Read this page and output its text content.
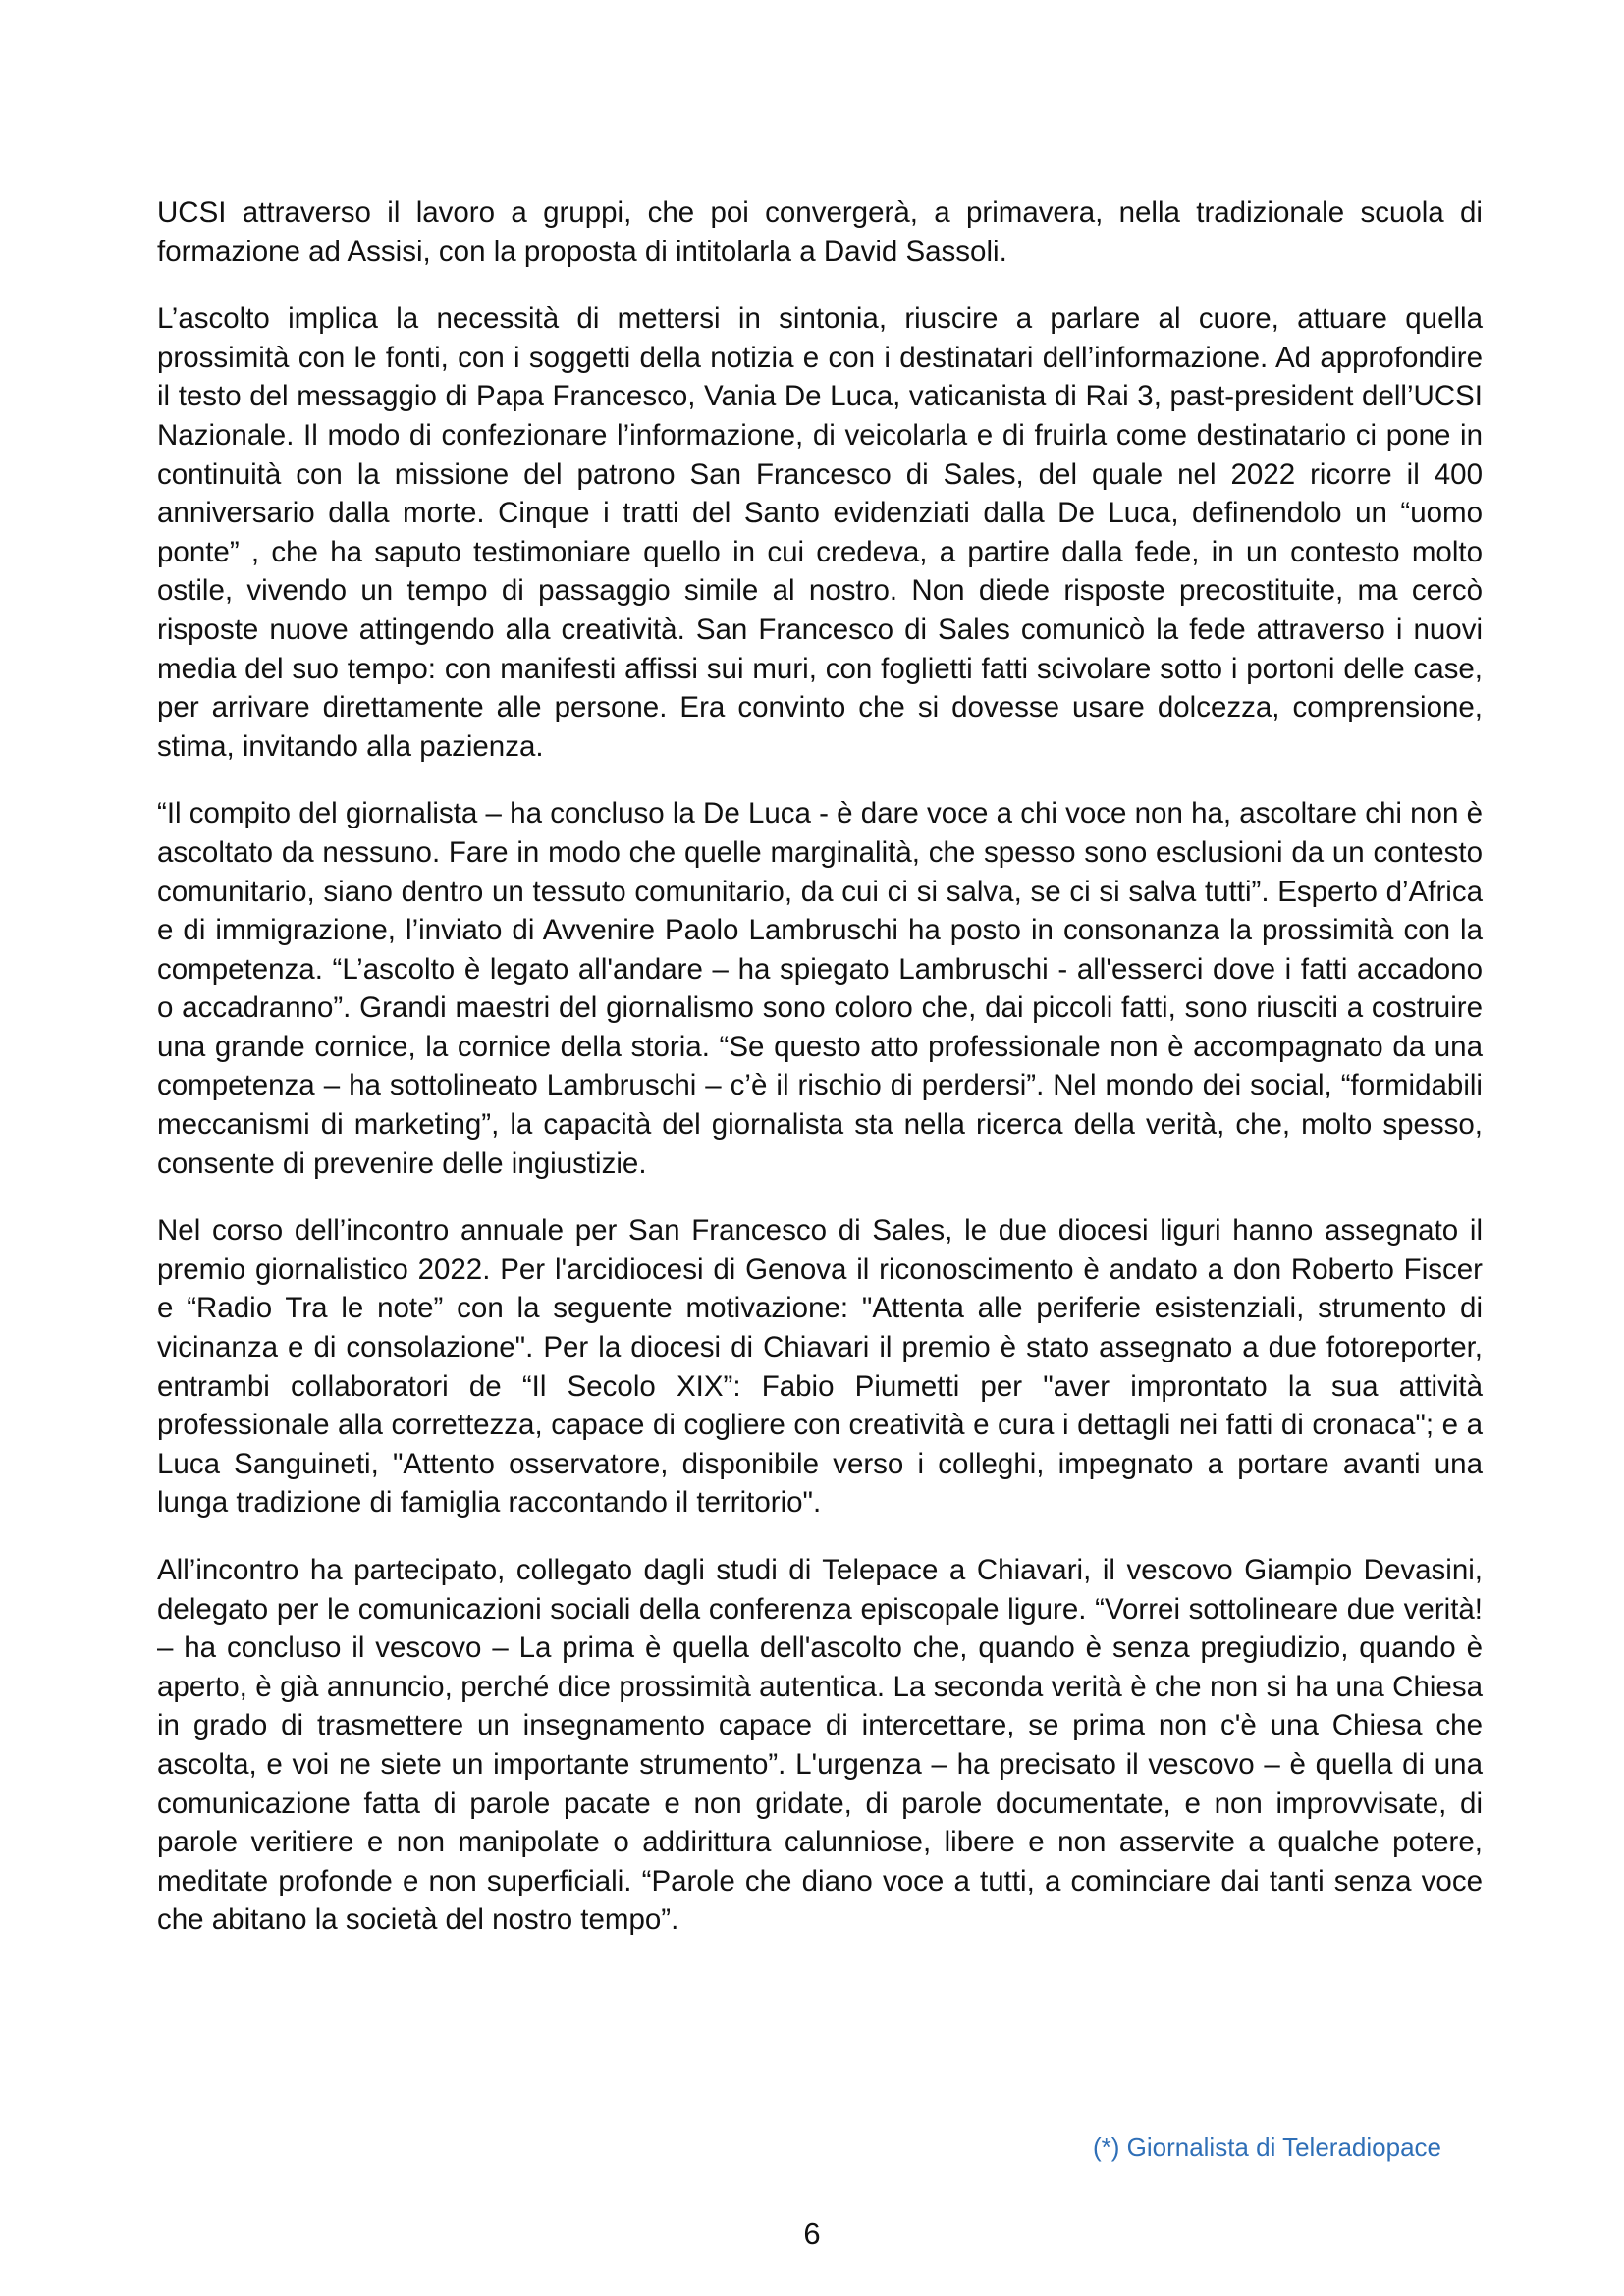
UCSI attraverso il lavoro a gruppi, che poi convergerà, a primavera, nella tradizionale scuola di formazione ad Assisi, con la proposta di intitolarla a David Sassoli.

L’ascolto implica la necessità di mettersi in sintonia, riuscire a parlare al cuore, attuare quella prossimità con le fonti, con i soggetti della notizia e con i destinatari dell’informazione. Ad approfondire il testo del messaggio di Papa Francesco, Vania De Luca, vaticanista di Rai 3, past-president dell’UCSI Nazionale. Il modo di confezionare l’informazione, di veicolarla e di fruirla come destinatario ci pone in continuità con la missione del patrono San Francesco di Sales, del quale nel 2022 ricorre il 400 anniversario dalla morte. Cinque i tratti del Santo evidenziati dalla De Luca, definendolo un “uomo ponte” , che ha saputo testimoniare quello in cui credeva, a partire dalla fede, in un contesto molto ostile, vivendo un tempo di passaggio simile al nostro. Non diede risposte precostituite, ma cercò risposte nuove attingendo alla creatività. San Francesco di Sales comunicò la fede attraverso i nuovi media del suo tempo: con manifesti affissi sui muri, con foglietti fatti scivolare sotto i portoni delle case, per arrivare direttamente alle persone. Era convinto che si dovesse usare dolcezza, comprensione, stima, invitando alla pazienza.

“Il compito del giornalista – ha concluso la De Luca - è dare voce a chi voce non ha, ascoltare chi non è ascoltato da nessuno. Fare in modo che quelle marginalità, che spesso sono esclusioni da un contesto comunitario, siano dentro un tessuto comunitario, da cui ci si salva, se ci si salva tutti”. Esperto d’Africa e di immigrazione, l’inviato di Avvenire Paolo Lambruschi ha posto in consonanza la prossimità con la competenza. “L’ascolto è legato all'andare – ha spiegato Lambruschi - all'esserci dove i fatti accadono o accadranno”. Grandi maestri del giornalismo sono coloro che, dai piccoli fatti, sono riusciti a costruire una grande cornice, la cornice della storia. “Se questo atto professionale non è accompagnato da una competenza – ha sottolineato Lambruschi – c’è il rischio di perdersi”. Nel mondo dei social, “formidabili meccanismi di marketing”, la capacità del giornalista sta nella ricerca della verità, che, molto spesso, consente di prevenire delle ingiustizie.

Nel corso dell’incontro annuale per San Francesco di Sales, le due diocesi liguri hanno assegnato il premio giornalistico 2022. Per l'arcidiocesi di Genova il riconoscimento è andato a don Roberto Fiscer e “Radio Tra le note” con la seguente motivazione: "Attenta alle periferie esistenziali, strumento di vicinanza e di consolazione". Per la diocesi di Chiavari il premio è stato assegnato a due fotoreporter, entrambi collaboratori de “Il Secolo XIX”: Fabio Piumetti per "aver improntato la sua attività professionale alla correttezza, capace di cogliere con creatività e cura i dettagli nei fatti di cronaca"; e a Luca Sanguineti, "Attento osservatore, disponibile verso i colleghi, impegnato a portare avanti una lunga tradizione di famiglia raccontando il territorio".

All’incontro ha partecipato, collegato dagli studi di Telepace a Chiavari, il vescovo Giampio Devasini, delegato per le comunicazioni sociali della conferenza episcopale ligure. “Vorrei sottolineare due verità! – ha concluso il vescovo – La prima è quella dell'ascolto che, quando è senza pregiudizio, quando è aperto, è già annuncio, perché dice prossimità autentica. La seconda verità è che non si ha una Chiesa in grado di trasmettere un insegnamento capace di intercettare, se prima non c'è una Chiesa che ascolta, e voi ne siete un importante strumento”. L'urgenza – ha precisato il vescovo – è quella di una comunicazione fatta di parole pacate e non gridate, di parole documentate, e non improvvisate, di parole veritiere e non manipolate o addirittura calunniose, libere e non asservite a qualche potere, meditate profonde e non superficiali. “Parole che diano voce a tutti, a cominciare dai tanti senza voce che abitano la società del nostro tempo”.

(*) Giornalista di Teleradiopace
6
